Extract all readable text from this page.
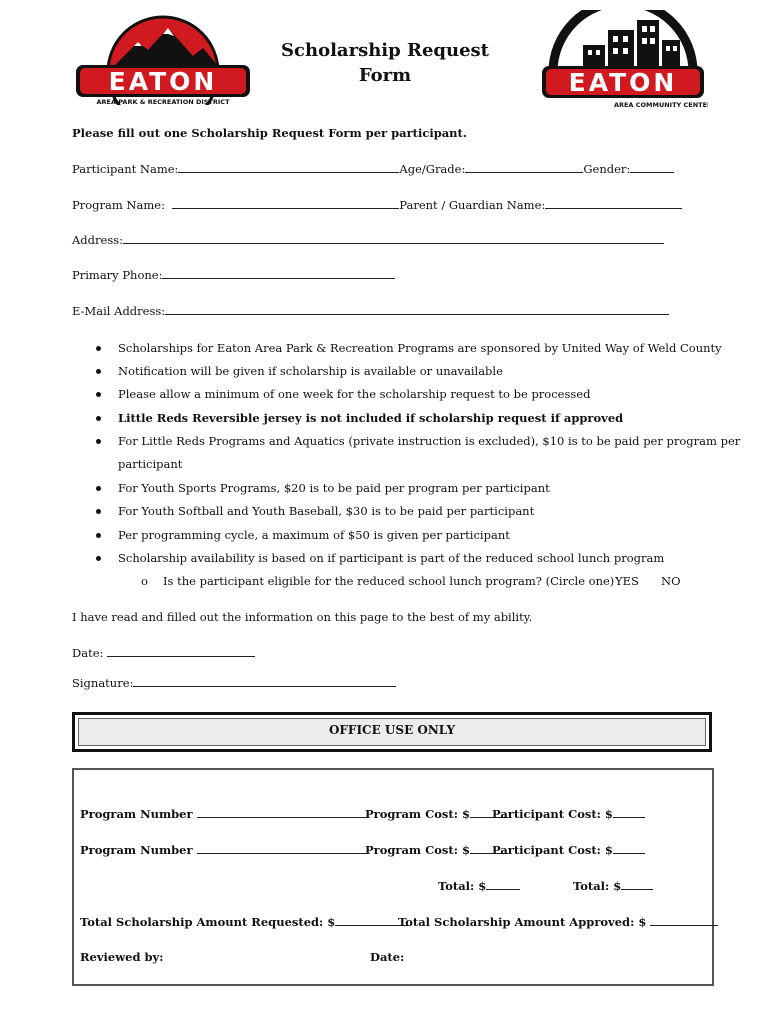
EATON
AREA PARK & RECREATION DISTRICT
Scholarship Request
Form	EATON
AREA COMMUNITY CENTER
Please fill out one Scholarship Request Form per participant.
Participant Name:	Age/Grade:	Gender:
Program Name:	Parent / Guardian Name:
Address:
Primary Phone:
E-Mail Address:
Scholarships for Eaton Area Park & Recreation Programs are sponsored by United Way of Weld County
Notification will be given if scholarship is available or unavailable
Please allow a minimum of one week for the scholarship request to be processed
Little Reds Reversible jersey is not included if scholarship request if approved
For Little Reds Programs and Aquatics (private instruction is excluded), $10 is to be paid per program per
participant
For Youth Sports Programs, $20 is to be paid per program per participant
For Youth Softball and Youth Baseball, $30 is to be paid per participant
Per programming cycle, a maximum of $50 is given per participant
Scholarship availability is based on if participant is part of the reduced school lunch program
o Is the participant eligible for the reduced school lunch program? (Circle one) YES NO
I have read and filled out the information on this page to the best of my ability.
Date:
Signature:
OFFICE USE ONLY
Program Number	Program Cost: $	Participant Cost: $
Program Number	Program Cost: $	Participant Cost: $
Total: $	Total: $
Total Scholarship Amount Requested: $	Total Scholarship Amount Approved: $
Reviewed by:	Date:
